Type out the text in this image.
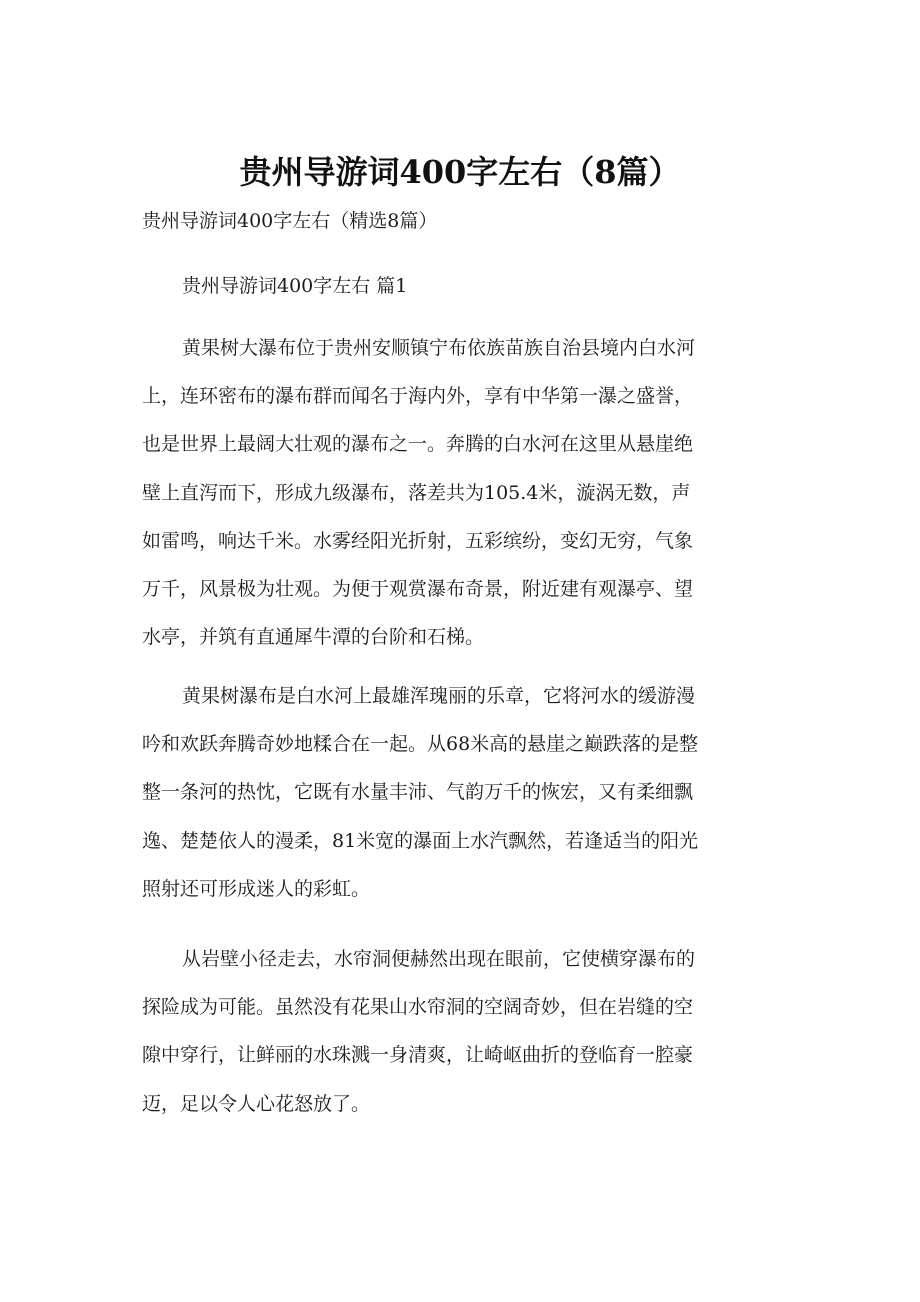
贵州导游词400字左右（8篇）

贵州导游词400字左右（精选8篇）

贵州导游词400字左右 篇1

黄果树大瀑布位于贵州安顺镇宁布依族苗族自治县境内白水河
上，连环密布的瀑布群而闻名于海内外，享有中华第一瀑之盛誉，
也是世界上最阔大壮观的瀑布之一。奔腾的白水河在这里从悬崖绝
壁上直泻而下，形成九级瀑布，落差共为105.4米，漩涡无数，声
如雷鸣，响达千米。水雾经阳光折射，五彩缤纷，变幻无穷，气象
万千，风景极为壮观。为便于观赏瀑布奇景，附近建有观瀑亭、望
水亭，并筑有直通犀牛潭的台阶和石梯。
黄果树瀑布是白水河上最雄浑瑰丽的乐章，它将河水的缓游漫
吟和欢跃奔腾奇妙地糅合在一起。从68米高的悬崖之巅跌落的是整
整一条河的热忱，它既有水量丰沛、气韵万千的恢宏，又有柔细飘
逸、楚楚依人的漫柔，81米宽的瀑面上水汽飘然，若逢适当的阳光
照射还可形成迷人的彩虹。
从岩壁小径走去，水帘洞便赫然出现在眼前，它使横穿瀑布的
探险成为可能。虽然没有花果山水帘洞的空阔奇妙，但在岩缝的空
隙中穿行，让鲜丽的水珠溅一身清爽，让崎岖曲折的登临育一腔豪
迈，足以令人心花怒放了。
